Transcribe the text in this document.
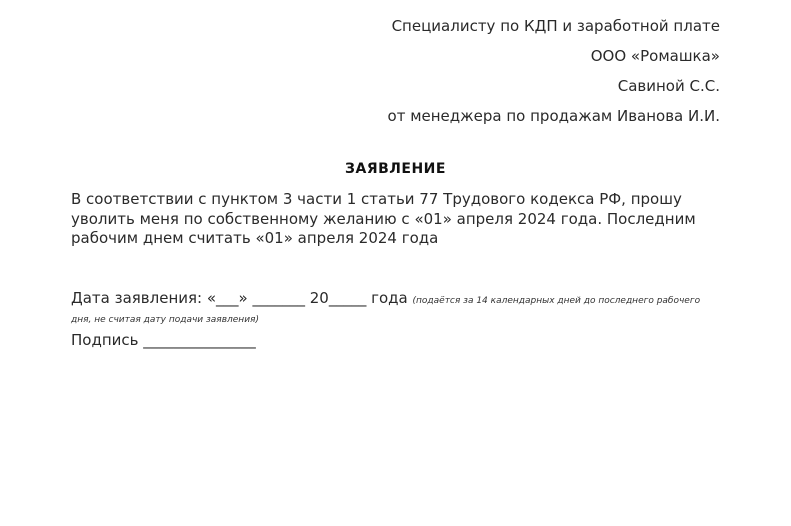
Специалисту по КДП и заработной плате
ООО «Ромашка»
Савиной С.С.
от менеджера по продажам Иванова И.И.
ЗАЯВЛЕНИЕ
В соответствии с пунктом 3 части 1 статьи 77 Трудового кодекса РФ, прошу уволить меня по собственному желанию с «01» апреля 2024 года. Последним рабочим днем считать «01» апреля 2024 года
Дата заявления: «___» _______ 20_____ года (подаётся за 14 календарных дней до последнего рабочего дня, не считая дату подачи заявления)
Подпись _______________
